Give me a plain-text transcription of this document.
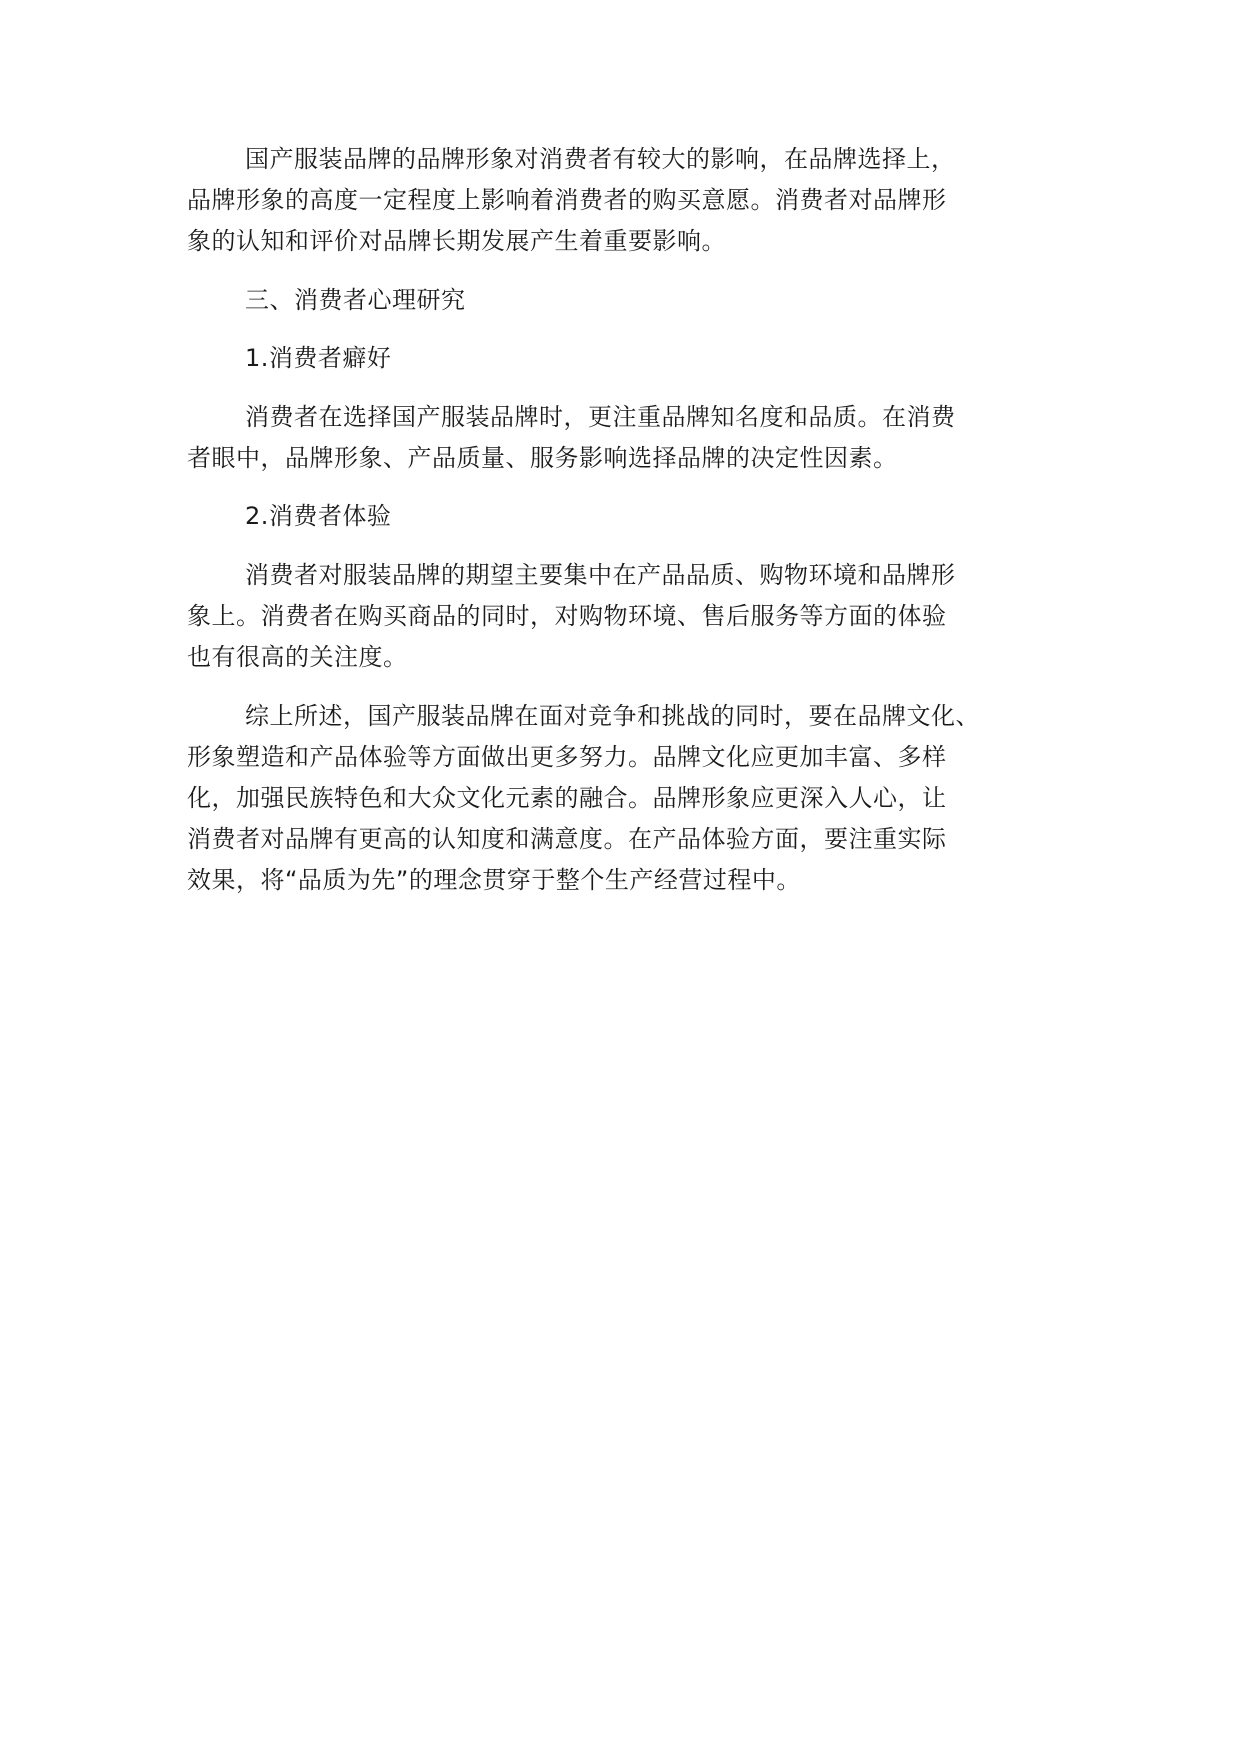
国产服装品牌的品牌形象对消费者有较大的影响，在品牌选择上，
品牌形象的高度一定程度上影响着消费者的购买意愿。消费者对品牌形
象的认知和评价对品牌长期发展产生着重要影响。
三、消费者心理研究
1.消费者癖好
消费者在选择国产服装品牌时，更注重品牌知名度和品质。在消费
者眼中，品牌形象、产品质量、服务影响选择品牌的决定性因素。
2.消费者体验
消费者对服装品牌的期望主要集中在产品品质、购物环境和品牌形
象上。消费者在购买商品的同时，对购物环境、售后服务等方面的体验
也有很高的关注度。
综上所述，国产服装品牌在面对竞争和挑战的同时，要在品牌文化、
形象塑造和产品体验等方面做出更多努力。品牌文化应更加丰富、多样
化，加强民族特色和大众文化元素的融合。品牌形象应更深入人心，让
消费者对品牌有更高的认知度和满意度。在产品体验方面，要注重实际
效果，将“品质为先”的理念贯穿于整个生产经营过程中。
